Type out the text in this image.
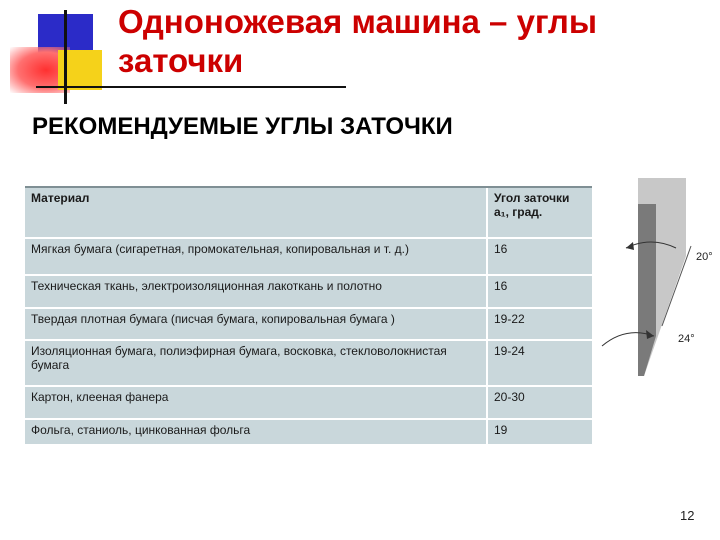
Одноножевая машина – углы заточки
РЕКОМЕНДУЕМЫЕ УГЛЫ ЗАТОЧКИ
Материал	Угол заточки а₁, град.
Мягкая бумага (сигаретная, промокательная, копировальная и т. д.)	16
Техническая ткань, электроизоляционная лакоткань и полотно	16
Твердая плотная бумага (писчая бумага, копировальная бумага )	19-22
Изоляционная бумага, полиэфирная бумага, восковка, стекловолокнистая бумага	19-24
Картон, клееная фанера	20-30
Фольга, станиоль, цинкованная фольга	19
20°
24°
12
